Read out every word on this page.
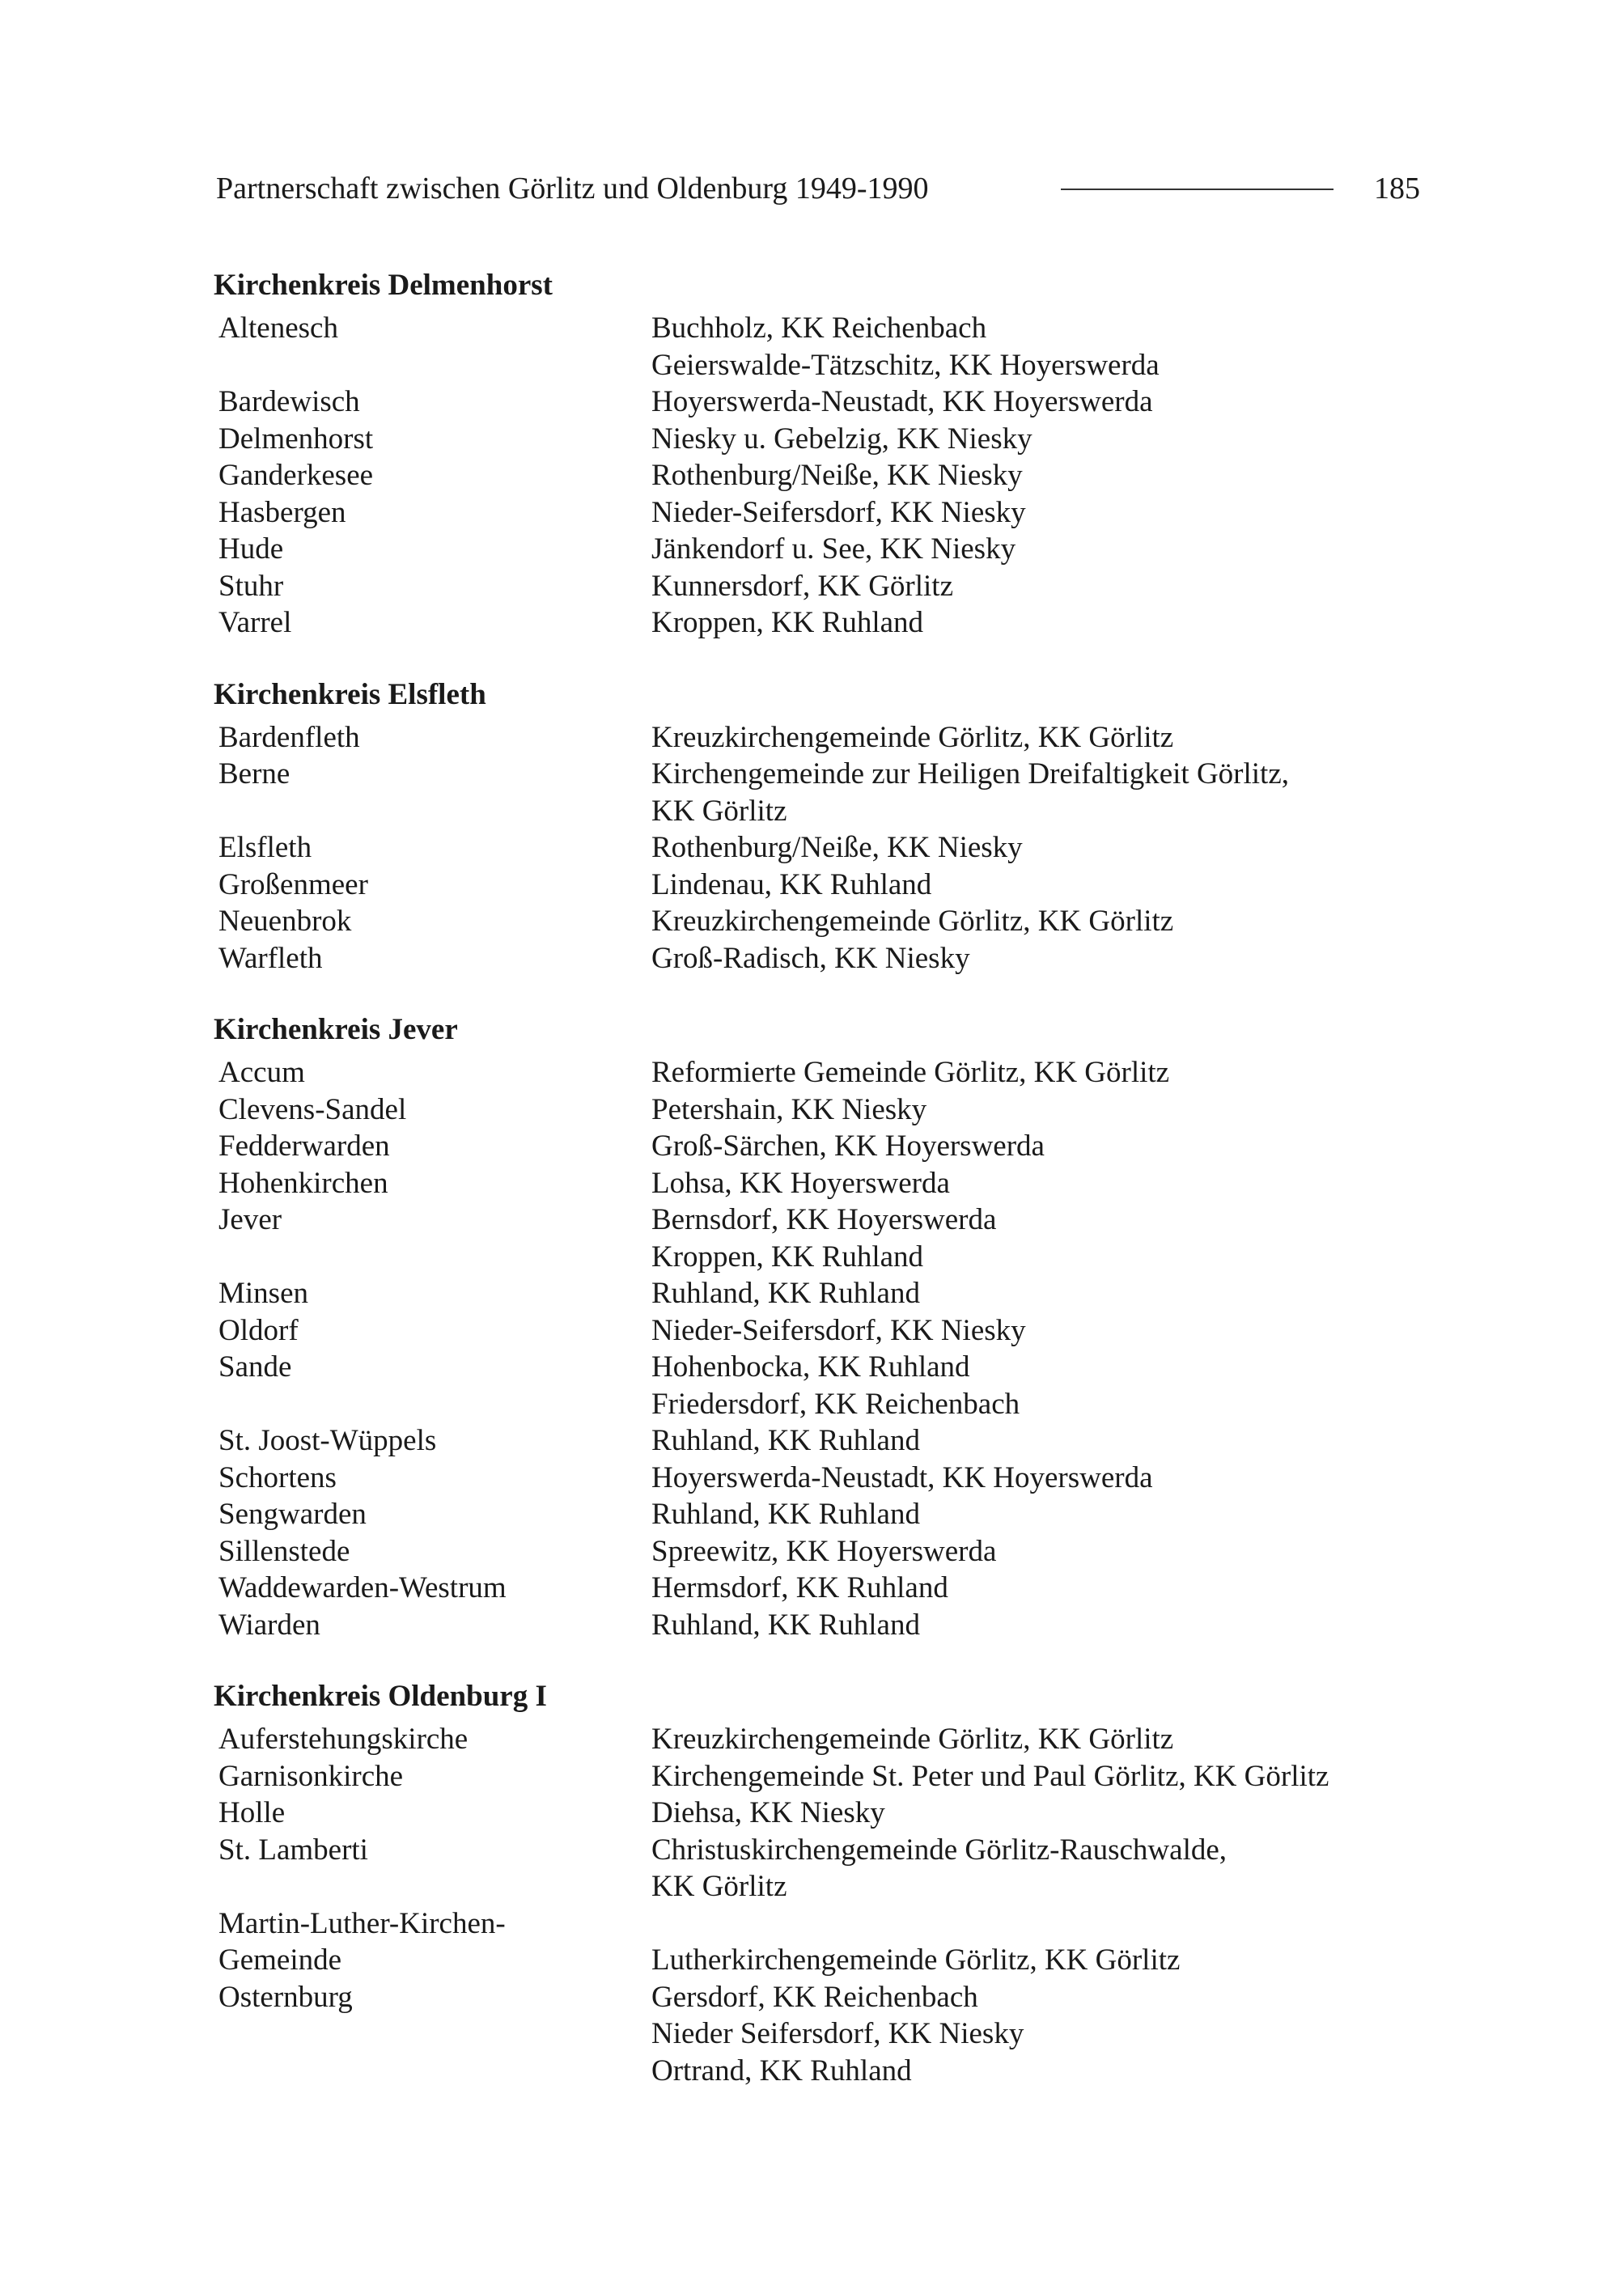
Partnerschaft zwischen Görlitz und Oldenburg 1949-1990	185
Kirchenkreis Delmenhorst
Altenesch	Buchholz, KK Reichenbach
Geierswalde-Tätzschitz, KK Hoyerswerda
Bardewisch	Hoyerswerda-Neustadt, KK Hoyerswerda
Delmenhorst	Niesky u. Gebelzig, KK Niesky
Ganderkesee	Rothenburg/Neiße, KK Niesky
Hasbergen	Nieder-Seifersdorf, KK Niesky
Hude	Jänkendorf u. See, KK Niesky
Stuhr	Kunnersdorf, KK Görlitz
Varrel	Kroppen, KK Ruhland
Kirchenkreis Elsfleth
Bardenfleth	Kreuzkirchengemeinde Görlitz, KK Görlitz
Berne	Kirchengemeinde zur Heiligen Dreifaltigkeit Görlitz,
KK Görlitz
Elsfleth	Rothenburg/Neiße, KK Niesky
Großenmeer	Lindenau, KK Ruhland
Neuenbrok	Kreuzkirchengemeinde Görlitz, KK Görlitz
Warfleth	Groß-Radisch, KK Niesky
Kirchenkreis Jever
Accum	Reformierte Gemeinde Görlitz, KK Görlitz
Clevens-Sandel	Petershain, KK Niesky
Fedderwarden	Groß-Särchen, KK Hoyerswerda
Hohenkirchen	Lohsa, KK Hoyerswerda
Jever	Bernsdorf, KK Hoyerswerda
Kroppen, KK Ruhland
Minsen	Ruhland, KK Ruhland
Oldorf	Nieder-Seifersdorf, KK Niesky
Sande	Hohenbocka, KK Ruhland
Friedersdorf, KK Reichenbach
St. Joost-Wüppels	Ruhland, KK Ruhland
Schortens	Hoyerswerda-Neustadt, KK Hoyerswerda
Sengwarden	Ruhland, KK Ruhland
Sillenstede	Spreewitz, KK Hoyerswerda
Waddewarden-Westrum	Hermsdorf, KK Ruhland
Wiarden	Ruhland, KK Ruhland
Kirchenkreis Oldenburg I
Auferstehungskirche	Kreuzkirchengemeinde Görlitz, KK Görlitz
Garnisonkirche	Kirchengemeinde St. Peter und Paul Görlitz, KK Görlitz
Holle	Diehsa, KK Niesky
St. Lamberti	Christuskirchengemeinde Görlitz-Rauschwalde,
KK Görlitz
Martin-Luther-Kirchen-
Gemeinde	Lutherkirchengemeinde Görlitz, KK Görlitz
Osternburg	Gersdorf, KK Reichenbach
Nieder Seifersdorf, KK Niesky
Ortrand, KK Ruhland
